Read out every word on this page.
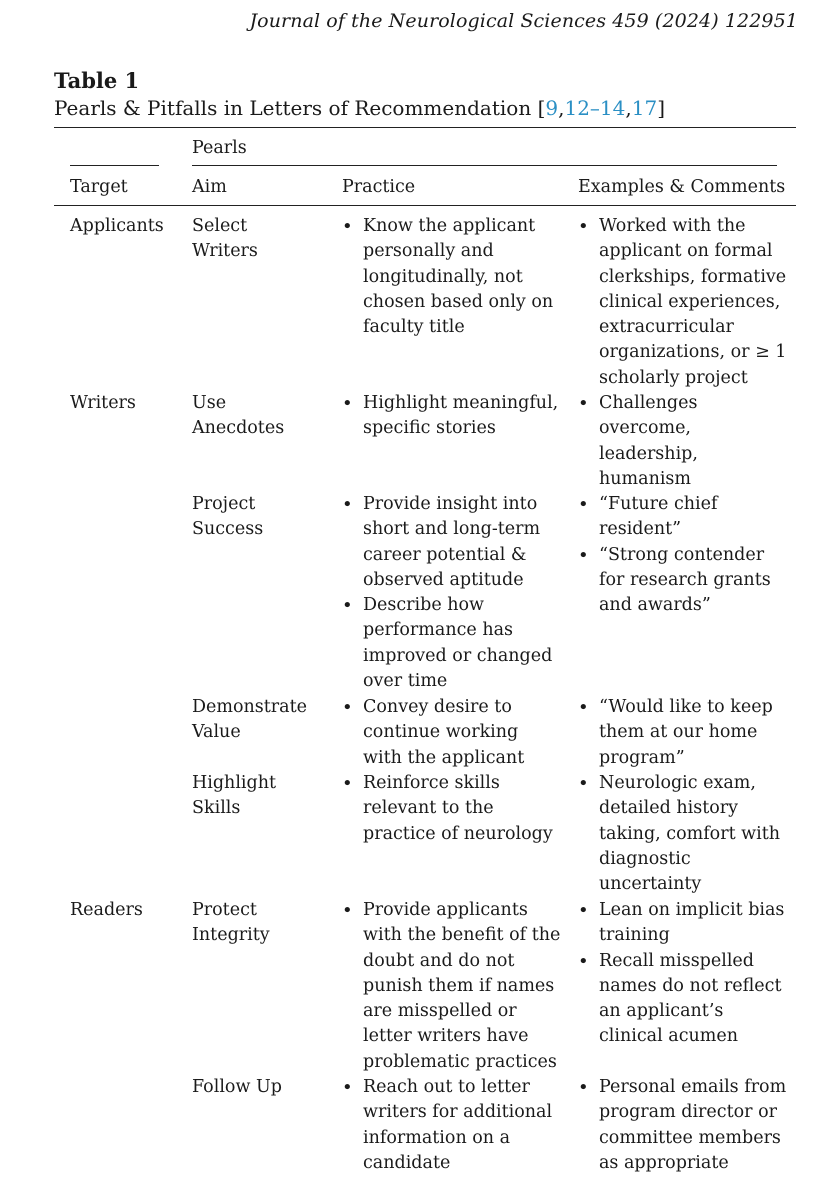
Journal of the Neurological Sciences 459 (2024) 122951
Table 1
Pearls & Pitfalls in Letters of Recommendation [9,12–14,17]
Pearls
Target	Aim	Practice	Examples & Comments
Applicants	Select Writers
• Know the applicant personally and longitudinally, not chosen based only on faculty title
• Worked with the applicant on formal clerkships, formative clinical experiences, extracurricular organizations, or ≥ 1 scholarly project
Writers	Use Anecdotes
• Highlight meaningful, specific stories
• Challenges overcome, leadership, humanism
Project Success
• Provide insight into short and long-term career potential & observed aptitude
• Describe how performance has improved or changed over time
• “Future chief resident”
• “Strong contender for research grants and awards”
Demonstrate Value
• Convey desire to continue working with the applicant
• “Would like to keep them at our home program”
Highlight Skills
• Reinforce skills relevant to the practice of neurology
• Neurologic exam, detailed history taking, comfort with diagnostic uncertainty
Readers	Protect Integrity
• Provide applicants with the benefit of the doubt and do not punish them if names are misspelled or letter writers have problematic practices
• Lean on implicit bias training
• Recall misspelled names do not reflect an applicant’s clinical acumen
Follow Up
•	Reach out to letter writers for additional information on a candidate
• Personal emails from program director or committee members as appropriate
